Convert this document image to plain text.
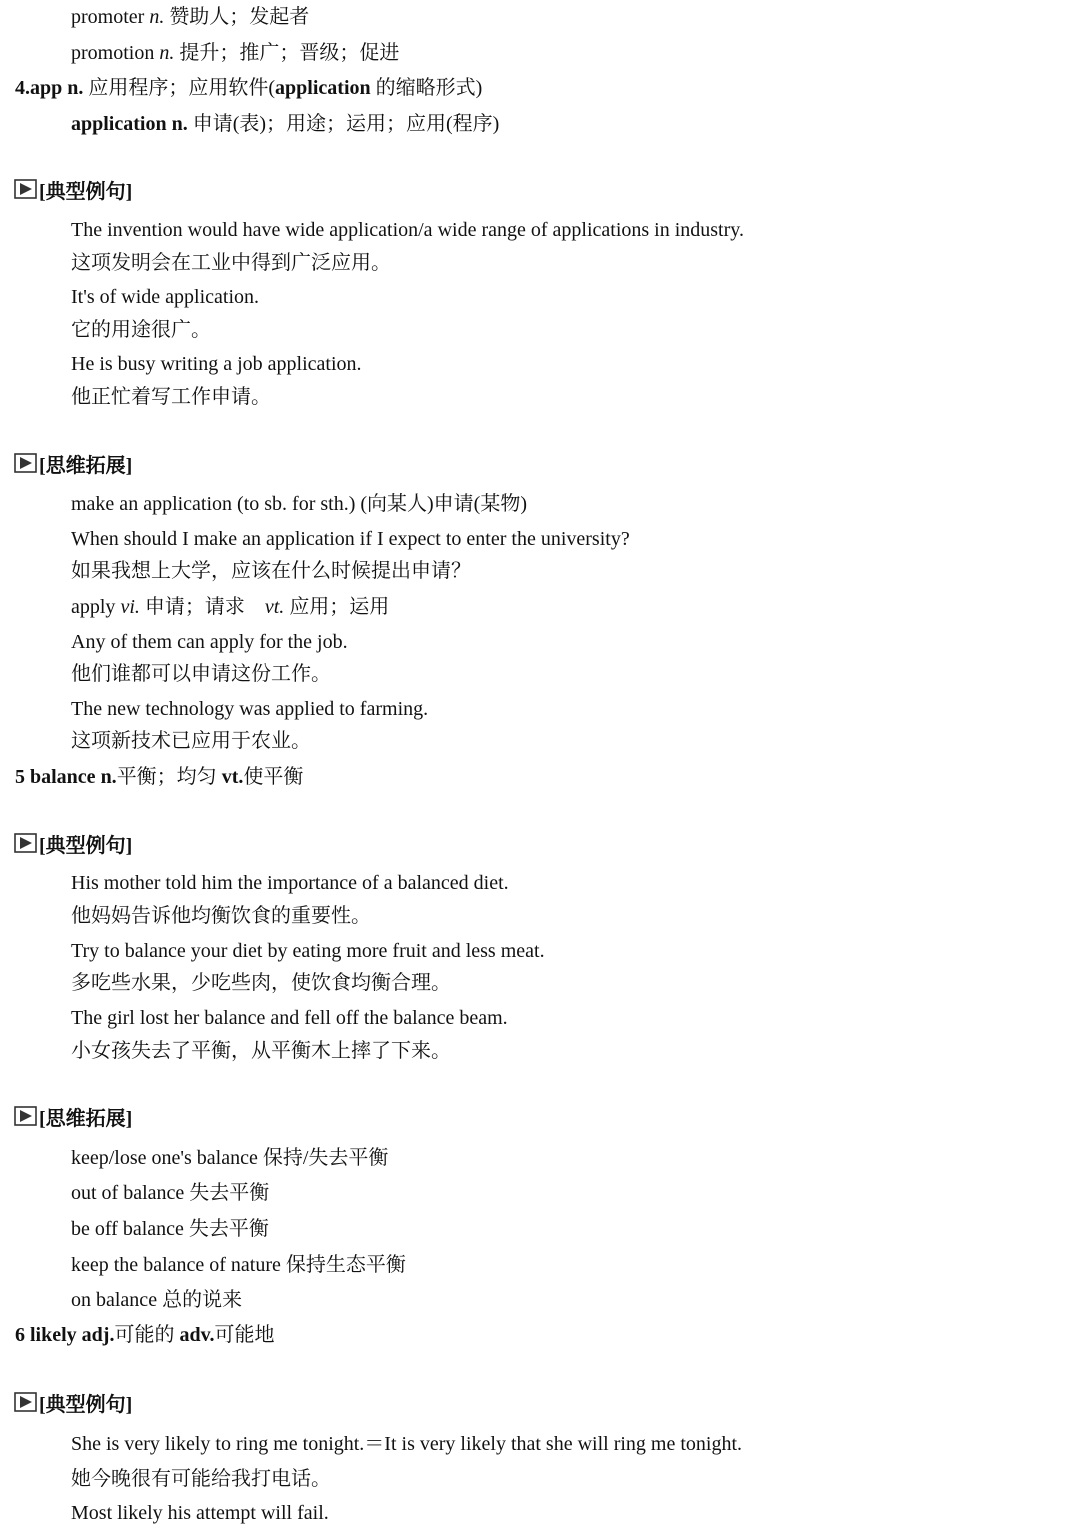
promoter n. 赞助人；发起者
promotion n. 提升；推广；晋级；促进
4.app n. 应用程序；应用软件(application 的缩略形式)
application n. 申请(表)；用途；运用；应用(程序)
[典型例句]
The invention would have wide application/a wide range of applications in industry.
这项发明会在工业中得到广泛应用。
It's of wide application.
它的用途很广。
He is busy writing a job application.
他正忙着写工作申请。
[思维拓展]
make an application (to sb. for sth.) (向某人)申请(某物)
When should I make an application if I expect to enter the university?
如果我想上大学，应该在什么时候提出申请？
apply vi. 申请；请求 vt. 应用；运用
Any of them can apply for the job.
他们谁都可以申请这份工作。
The new technology was applied to farming.
这项新技术已应用于农业。
5 balance n.平衡；均匀 vt.使平衡
[典型例句]
His mother told him the importance of a balanced diet.
他妈妈告诉他均衡饮食的重要性。
Try to balance your diet by eating more fruit and less meat.
多吃些水果，少吃些肉，使饮食均衡合理。
The girl lost her balance and fell off the balance beam.
小女孩失去了平衡，从平衡木上摔了下来。
[思维拓展]
keep/lose one's balance 保持/失去平衡
out of balance 失去平衡
be off balance 失去平衡
keep the balance of nature 保持生态平衡
on balance 总的说来
6 likely adj.可能的 adv.可能地
[典型例句]
She is very likely to ring me tonight.＝It is very likely that she will ring me tonight.
她今晚很有可能给我打电话。
Most likely his attempt will fail.
